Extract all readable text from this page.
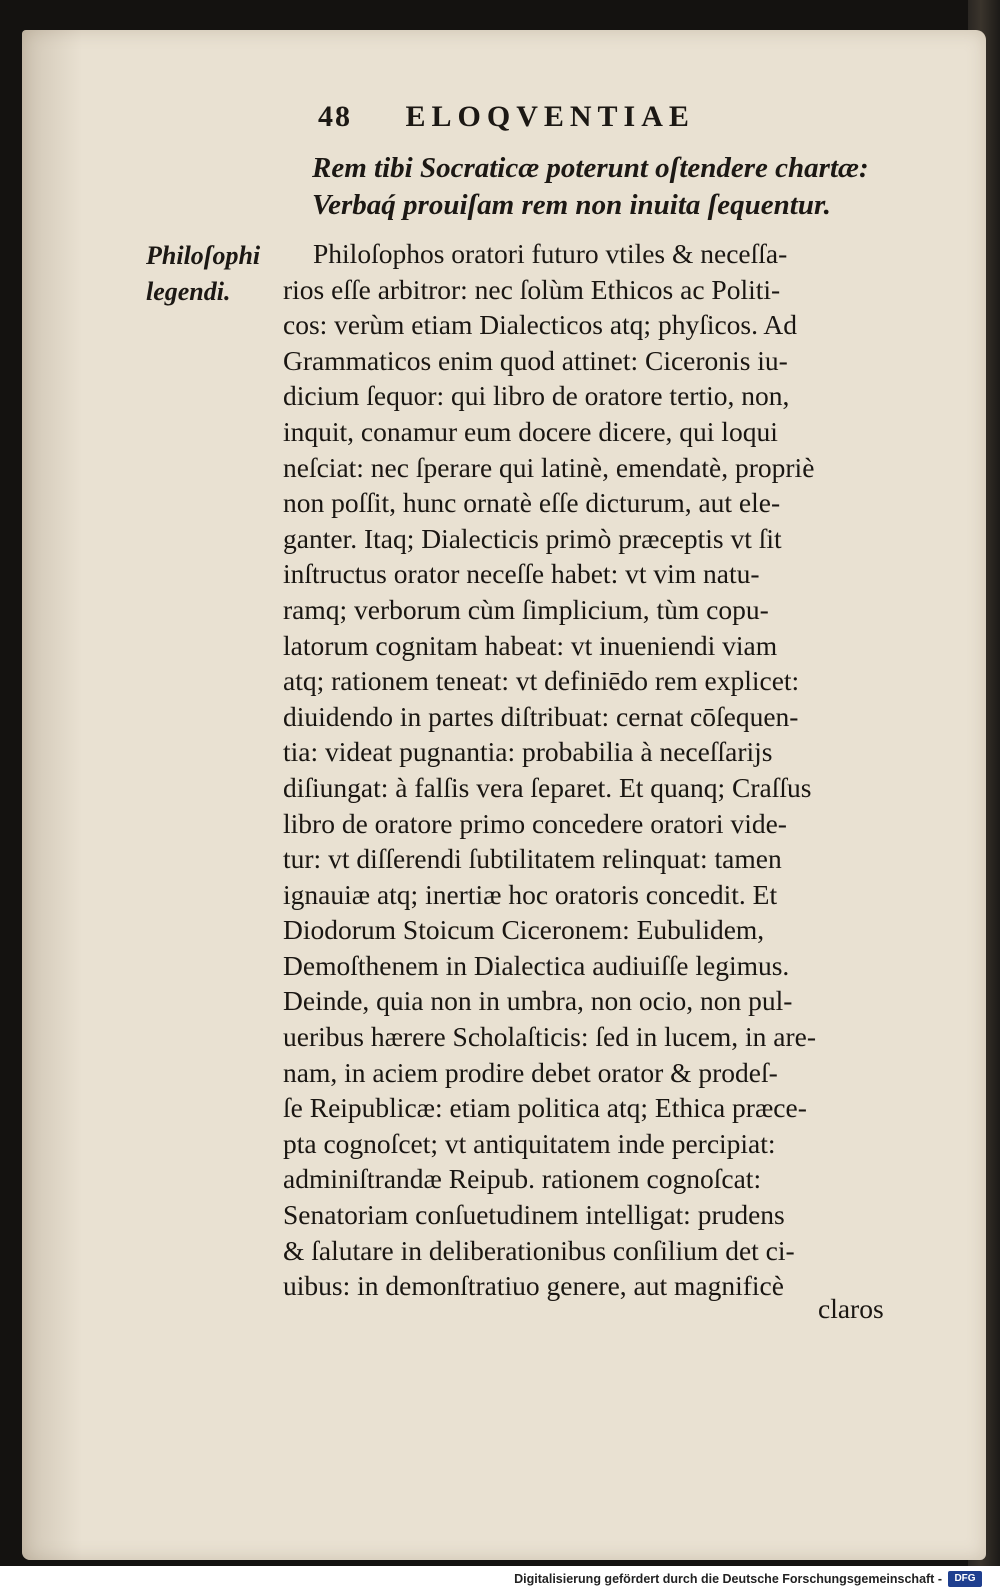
48 ELOQVENTIAE
Rem tibi Socraticæ poterunt oſtendere chartæ:
Verbaq́ prouiſam rem non inuita ſequentur.
Philoſophi
legendi.
Philoſophos oratori futuro vtiles & neceſſa-
rios eſſe arbitror: nec ſolùm Ethicos ac Politi-
cos: verùm etiam Dialecticos atq; phyſicos. Ad
Grammaticos enim quod attinet: Ciceronis iu-
dicium ſequor: qui libro de oratore tertio, non,
inquit, conamur eum docere dicere, qui loqui
neſciat: nec ſperare qui latinè, emendatè, propriè
non poſſit, hunc ornatè eſſe dicturum, aut ele-
ganter. Itaq; Dialecticis primò præceptis vt ſit
inſtructus orator neceſſe habet: vt vim natu-
ramq; verborum cùm ſimplicium, tùm copu-
latorum cognitam habeat: vt inueniendi viam
atq; rationem teneat: vt definiēdo rem explicet:
diuidendo in partes diſtribuat: cernat cōſequen-
tia: videat pugnantia: probabilia à neceſſarijs
diſiungat: à falſis vera ſeparet. Et quanq; Craſſus
libro de oratore primo concedere oratori vide-
tur: vt diſſerendi ſubtilitatem relinquat: tamen
ignauiæ atq; inertiæ hoc oratoris concedit. Et
Diodorum Stoicum Ciceronem: Eubulidem,
Demoſthenem in Dialectica audiuiſſe legimus.
Deinde, quia non in umbra, non ocio, non pul-
ueribus hærere Scholaſticis: ſed in lucem, in are-
nam, in aciem prodire debet orator & prodeſ-
ſe Reipublicæ: etiam politica atq; Ethica præce-
pta cognoſcet; vt antiquitatem inde percipiat:
adminiſtrandæ Reipub. rationem cognoſcat:
Senatoriam conſuetudinem intelligat: prudens
& ſalutare in deliberationibus conſilium det ci-
uibus: in demonſtratiuo genere, aut magnificè
claros
Digitalisierung gefördert durch die Deutsche Forschungsgemeinschaft -	DFG
